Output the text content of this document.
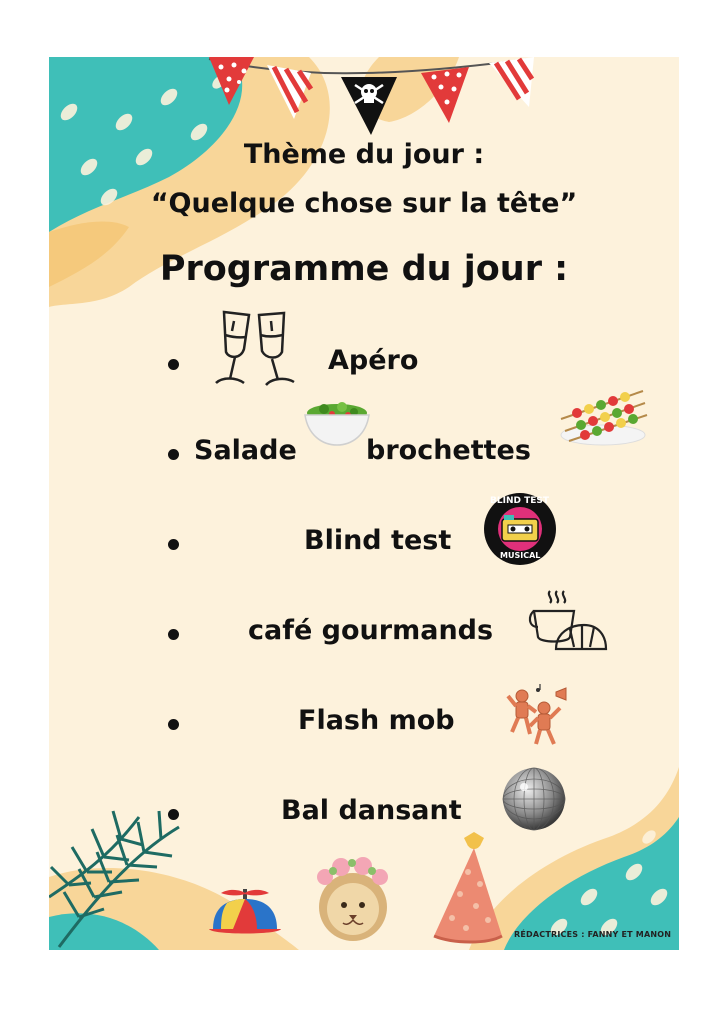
Thème du jour :
“Quelque chose sur la tête”
Programme du jour :
Apéro
Salade	brochettes
Blind test
BLIND TEST
MUSICAL
café gourmands
Flash mob
Bal dansant
RÉDACTRICES : FANNY ET MANON
